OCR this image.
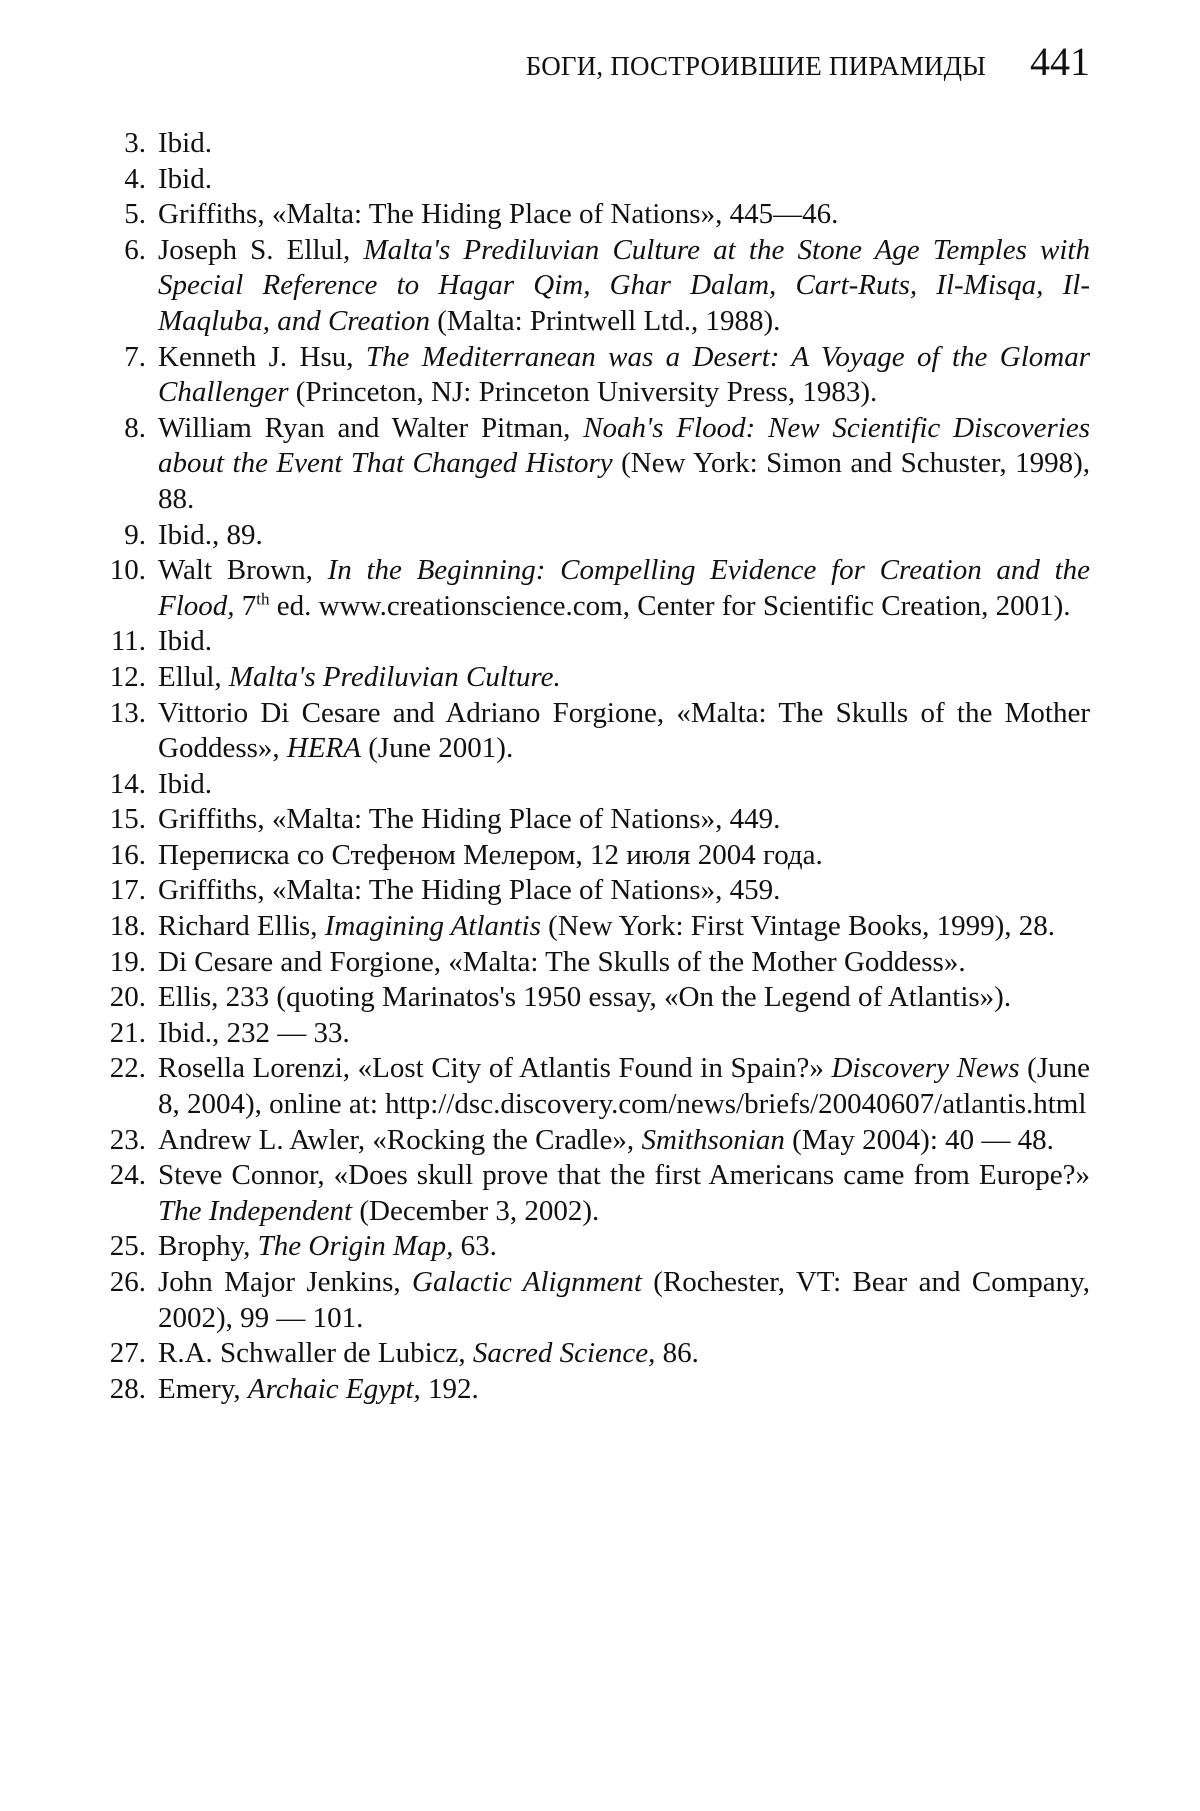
БОГИ, ПОСТРОИВШИЕ ПИРАМИДЫ 441
3. Ibid.
4. Ibid.
5. Griffiths, «Malta: The Hiding Place of Nations», 445—46.
6. Joseph S. Ellul, Malta's Prediluvian Culture at the Stone Age Temples with Special Reference to Hagar Qim, Ghar Dalam, Cart-Ruts, Il-Misqa, Il-Maqluba, and Creation (Malta: Printwell Ltd., 1988).
7. Kenneth J. Hsu, The Mediterranean was a Desert: A Voyage of the Glomar Challenger (Princeton, NJ: Princeton University Press, 1983).
8. William Ryan and Walter Pitman, Noah's Flood: New Scientific Discoveries about the Event That Changed History (New York: Simon and Schuster, 1998), 88.
9. Ibid., 89.
10. Walt Brown, In the Beginning: Compelling Evidence for Creation and the Flood, 7th ed. www.creationscience.com, Center for Scientific Creation, 2001).
11. Ibid.
12. Ellul, Malta's Prediluvian Culture.
13. Vittorio Di Cesare and Adriano Forgione, «Malta: The Skulls of the Mother Goddess», HERA (June 2001).
14. Ibid.
15. Griffiths, «Malta: The Hiding Place of Nations», 449.
16. Переписка со Стефеном Мелером, 12 июля 2004 года.
17. Griffiths, «Malta: The Hiding Place of Nations», 459.
18. Richard Ellis, Imagining Atlantis (New York: First Vintage Books, 1999), 28.
19. Di Cesare and Forgione, «Malta: The Skulls of the Mother Goddess».
20. Ellis, 233 (quoting Marinatos's 1950 essay, «On the Legend of Atlantis»).
21. Ibid., 232 — 33.
22. Rosella Lorenzi, «Lost City of Atlantis Found in Spain?» Discovery News (June 8, 2004), online at: http://dsc.discovery.com/news/briefs/20040607/atlantis.html
23. Andrew L. Awler, «Rocking the Cradle», Smithsonian (May 2004): 40 — 48.
24. Steve Connor, «Does skull prove that the first Americans came from Europe?» The Independent (December 3, 2002).
25. Brophy, The Origin Map, 63.
26. John Major Jenkins, Galactic Alignment (Rochester, VT: Bear and Company, 2002), 99 — 101.
27. R.A. Schwaller de Lubicz, Sacred Science, 86.
28. Emery, Archaic Egypt, 192.
